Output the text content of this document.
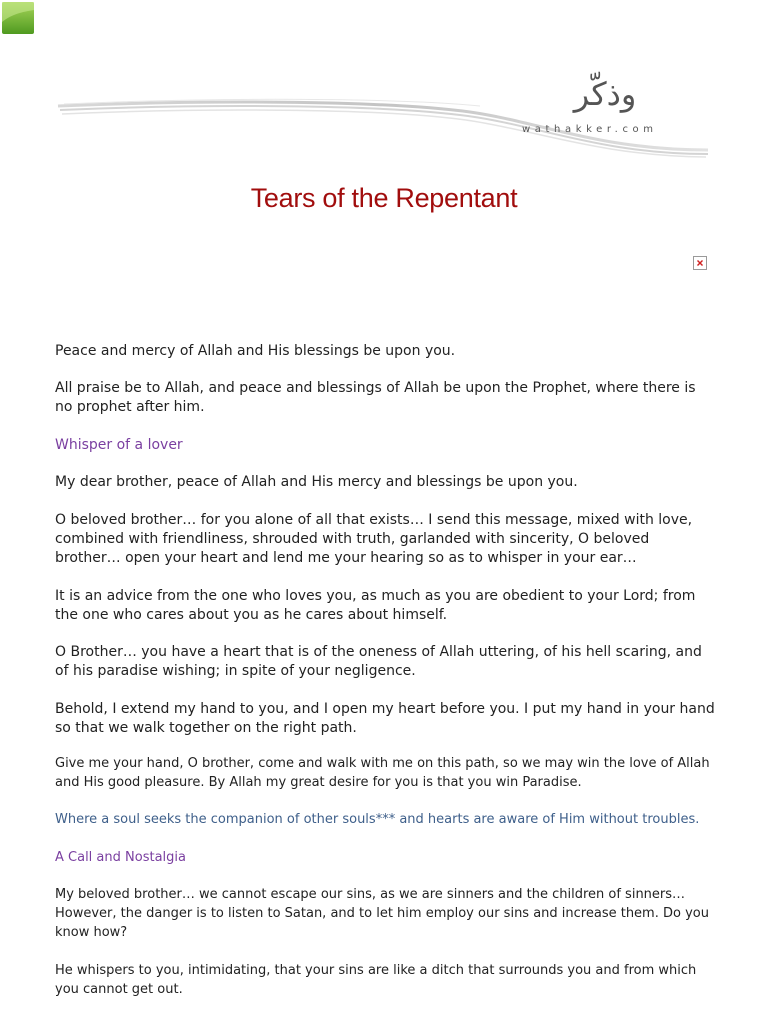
وذكّر
wathakker.com
Tears of the Repentant

Peace and mercy of Allah and His blessings be upon you.

All praise be to Allah, and peace and blessings of Allah be upon the Prophet, where there is no prophet after him.

Whisper of a lover

My dear brother, peace of Allah and His mercy and blessings be upon you.

O beloved brother… for you alone of all that exists… I send this message, mixed with love, combined with friendliness, shrouded with truth, garlanded with sincerity, O beloved brother… open your heart and lend me your hearing so as to whisper in your ear…

It is an advice from the one who loves you, as much as you are obedient to your Lord; from the one who cares about you as he cares about himself.

O Brother… you have a heart that is of the oneness of Allah uttering, of his hell scaring, and of his paradise wishing; in spite of your negligence.

Behold, I extend my hand to you, and I open my heart before you. I put my hand in your hand so that we walk together on the right path.

Give me your hand, O brother, come and walk with me on this path, so we may win the love of Allah and His good pleasure. By Allah my great desire for you is that you win Paradise.

Where a soul seeks the companion of other souls*** and hearts are aware of Him without troubles.

A Call and Nostalgia

My beloved brother… we cannot escape our sins, as we are sinners and the children of sinners… However, the danger is to listen to Satan, and to let him employ our sins and increase them. Do you know how?

He whispers to you, intimidating, that your sins are like a ditch that surrounds you and from which you cannot get out.
